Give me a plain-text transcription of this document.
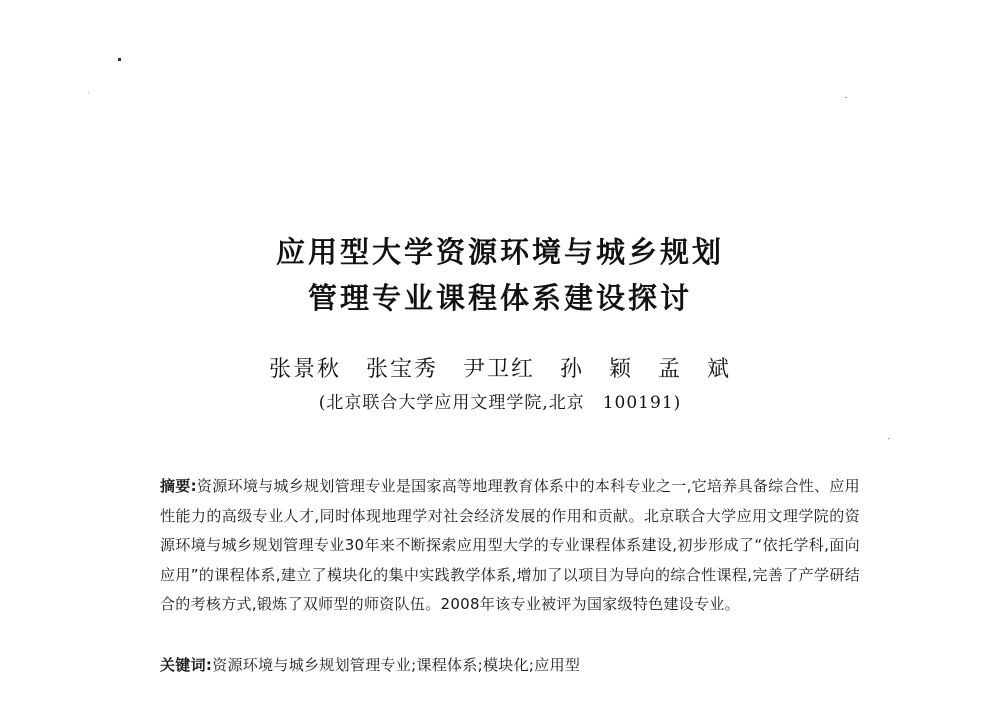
应用型大学资源环境与城乡规划
管理专业课程体系建设探讨
张景秋 张宝秀 尹卫红 孙 颖 孟 斌
(北京联合大学应用文理学院,北京　100191)
摘要:资源环境与城乡规划管理专业是国家高等地理教育体系中的本科专业之一,它培养具备综合性、应用性能力的高级专业人才,同时体现地理学对社会经济发展的作用和贡献。北京联合大学应用文理学院的资源环境与城乡规划管理专业30年来不断探索应用型大学的专业课程体系建设,初步形成了“依托学科,面向应用”的课程体系,建立了模块化的集中实践教学体系,增加了以项目为导向的综合性课程,完善了产学研结合的考核方式,锻炼了双师型的师资队伍。2008年该专业被评为国家级特色建设专业。
关键词:资源环境与城乡规划管理专业;课程体系;模块化;应用型
